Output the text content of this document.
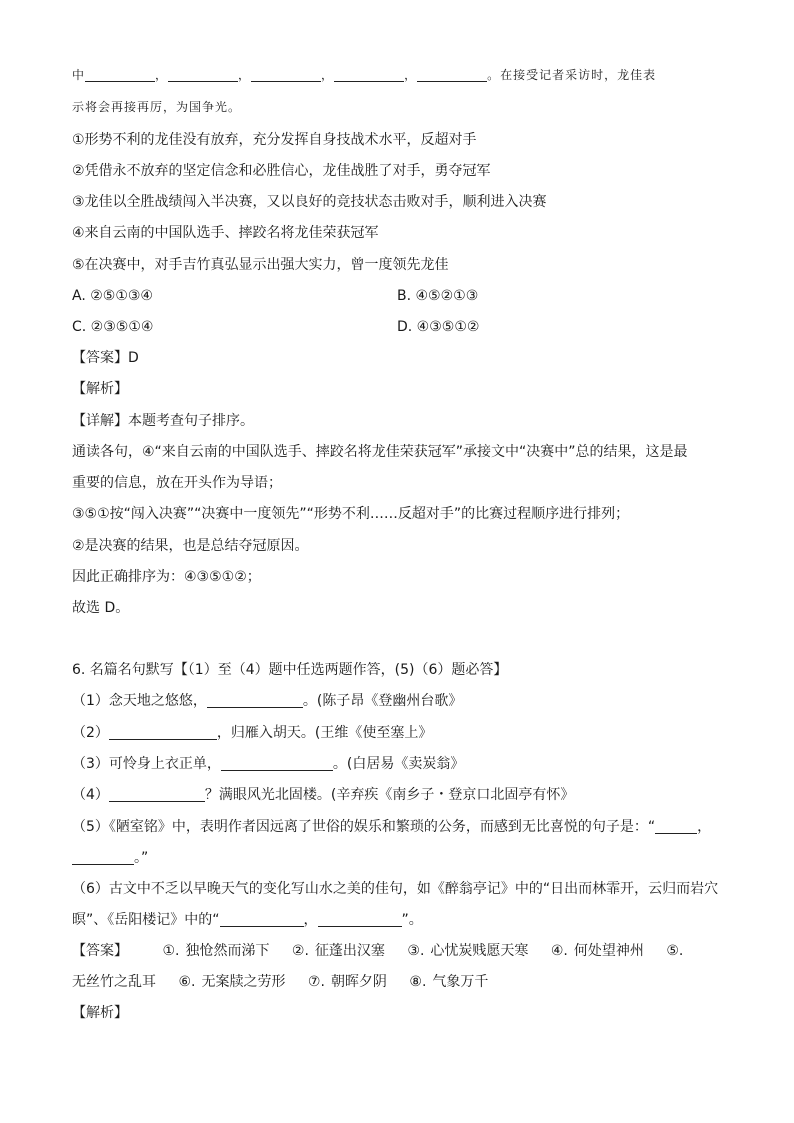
中	，	，	，	，	。在接受记者采访时，龙佳表
示将会再接再厉，为国争光。
①形势不利的龙佳没有放弃，充分发挥自身技战术水平，反超对手
②凭借永不放弃的坚定信念和必胜信心，龙佳战胜了对手，勇夺冠军
③龙佳以全胜战绩闯入半决赛，又以良好的竞技状态击败对手，顺利进入决赛
④来自云南的中国队选手、摔跤名将龙佳荣获冠军
⑤在决赛中，对手吉竹真弘显示出强大实力，曾一度领先龙佳
A. ②⑤①③④	B. ④⑤②①③
C. ②③⑤①④	D. ④③⑤①②
【答案】D
【解析】
【详解】本题考查句子排序。
通读各句，④“来自云南的中国队选手、摔跤名将龙佳荣获冠军”承接文中“决赛中”总的结果，这是最
重要的信息，放在开头作为导语；
③⑤①按“闯入决赛”“决赛中一度领先”“形势不利……反超对手”的比赛过程顺序进行排列；
②是决赛的结果，也是总结夺冠原因。
因此正确排序为：④③⑤①②；
故选 D。
6. 名篇名句默写【（1）至（4）题中任选两题作答，(5)（6）题必答】
（1）念天地之悠悠，	。(陈子昂《登幽州台歌》
（2）	，归雁入胡天。(王维《使至塞上》
（3）可怜身上衣正单，	。(白居易《卖炭翁》
（4）	？满眼风光北固楼。(辛弃疾《南乡子・登京口北固亭有怀》
（5）《陋室铭》中，表明作者因远离了世俗的娱乐和繁琐的公务，而感到无比喜悦的句子是：“	，
。”
（6）古文中不乏以早晚天气的变化写山水之美的佳句，如《醉翁亭记》中的“日出而林霏开，云归而岩穴
暝”、《岳阳楼记》中的“	，	”。
【答案】 ①. 独怆然而涕下 ②. 征蓬出汉塞 ③. 心忧炭贱愿天寒 ④. 何处望神州 ⑤.
无丝竹之乱耳 ⑥. 无案牍之劳形 ⑦. 朝晖夕阴 ⑧. 气象万千
【解析】
